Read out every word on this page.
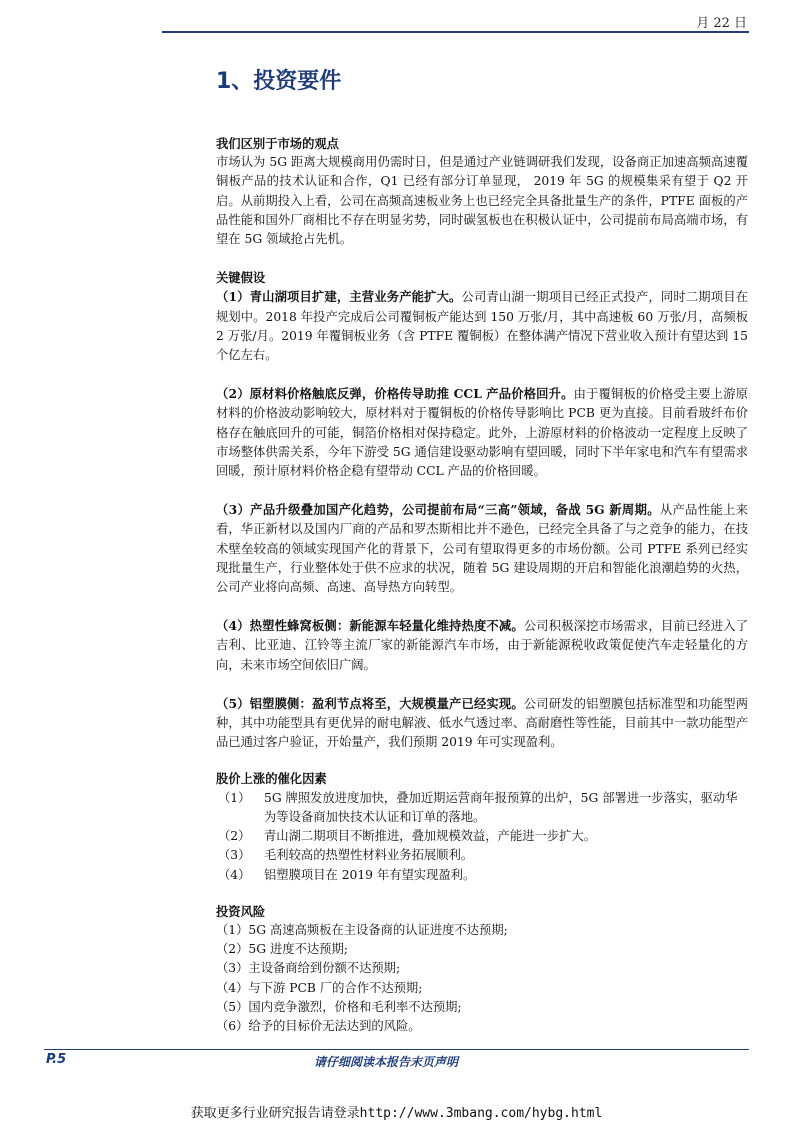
月 22 日
1、投资要件

我们区别于市场的观点

市场认为 5G 距离大规模商用仍需时日，但是通过产业链调研我们发现，设备商正加速高频高速覆铜板产品的技术认证和合作，Q1 已经有部分订单显现， 2019 年 5G 的规模集采有望于 Q2 开启。从前期投入上看，公司在高频高速板业务上也已经完全具备批量生产的条件，PTFE 面板的产品性能和国外厂商相比不存在明显劣势，同时碳氢板也在积极认证中，公司提前布局高端市场，有望在 5G 领域抢占先机。

关键假设

（1）青山湖项目扩建，主营业务产能扩大。公司青山湖一期项目已经正式投产，同时二期项目在规划中。2018 年投产完成后公司覆铜板产能达到 150 万张/月，其中高速板 60 万张/月，高频板 2 万张/月。2019 年覆铜板业务（含 PTFE 覆铜板）在整体满产情况下营业收入预计有望达到 15 个亿左右。

（2）原材料价格触底反弹，价格传导助推 CCL 产品价格回升。由于覆铜板的价格受主要上游原材料的价格波动影响较大，原材料对于覆铜板的价格传导影响比 PCB 更为直接。目前看玻纤布价格存在触底回升的可能，铜箔价格相对保持稳定。此外，上游原材料的价格波动一定程度上反映了市场整体供需关系，今年下游受 5G 通信建设驱动影响有望回暖，同时下半年家电和汽车有望需求回暖，预计原材料价格企稳有望带动 CCL 产品的价格回暖。

（3）产品升级叠加国产化趋势，公司提前布局“三高”领域，备战 5G 新周期。从产品性能上来看，华正新材以及国内厂商的产品和罗杰斯相比并不逊色，已经完全具备了与之竞争的能力，在技术壁垒较高的领域实现国产化的背景下，公司有望取得更多的市场份额。公司 PTFE 系列已经实现批量生产，行业整体处于供不应求的状况，随着 5G 建设周期的开启和智能化浪潮趋势的火热，公司产业将向高频、高速、高导热方向转型。

（4）热塑性蜂窝板侧：新能源车轻量化维持热度不减。公司积极深挖市场需求，目前已经进入了吉利、比亚迪、江铃等主流厂家的新能源汽车市场，由于新能源税收政策促使汽车走轻量化的方向，未来市场空间依旧广阔。

（5）铝塑膜侧：盈利节点将至，大规模量产已经实现。公司研发的铝塑膜包括标准型和功能型两种，其中功能型具有更优异的耐电解液、低水气透过率、高耐磨性等性能，目前其中一款功能型产品已通过客户验证，开始量产，我们预期 2019 年可实现盈利。

股价上涨的催化因素

（1）	5G 牌照发放进度加快，叠加近期运营商年报预算的出炉，5G 部署进一步落实，驱动华为等设备商加快技术认证和订单的落地。
（2）	青山湖二期项目不断推进，叠加规模效益，产能进一步扩大。
（3）	毛利较高的热塑性材料业务拓展顺利。
（4）	铝塑膜项目在 2019 年有望实现盈利。

投资风险

（1）5G 高速高频板在主设备商的认证进度不达预期;

（2）5G 进度不达预期;

（3）主设备商给到份额不达预期;

（4）与下游 PCB 厂的合作不达预期;

（5）国内竞争激烈，价格和毛利率不达预期;

（6）给予的目标价无法达到的风险。

P.5	请仔细阅读本报告末页声明
获取更多行业研究报告请登录http://www.3mbang.com/hybg.html
